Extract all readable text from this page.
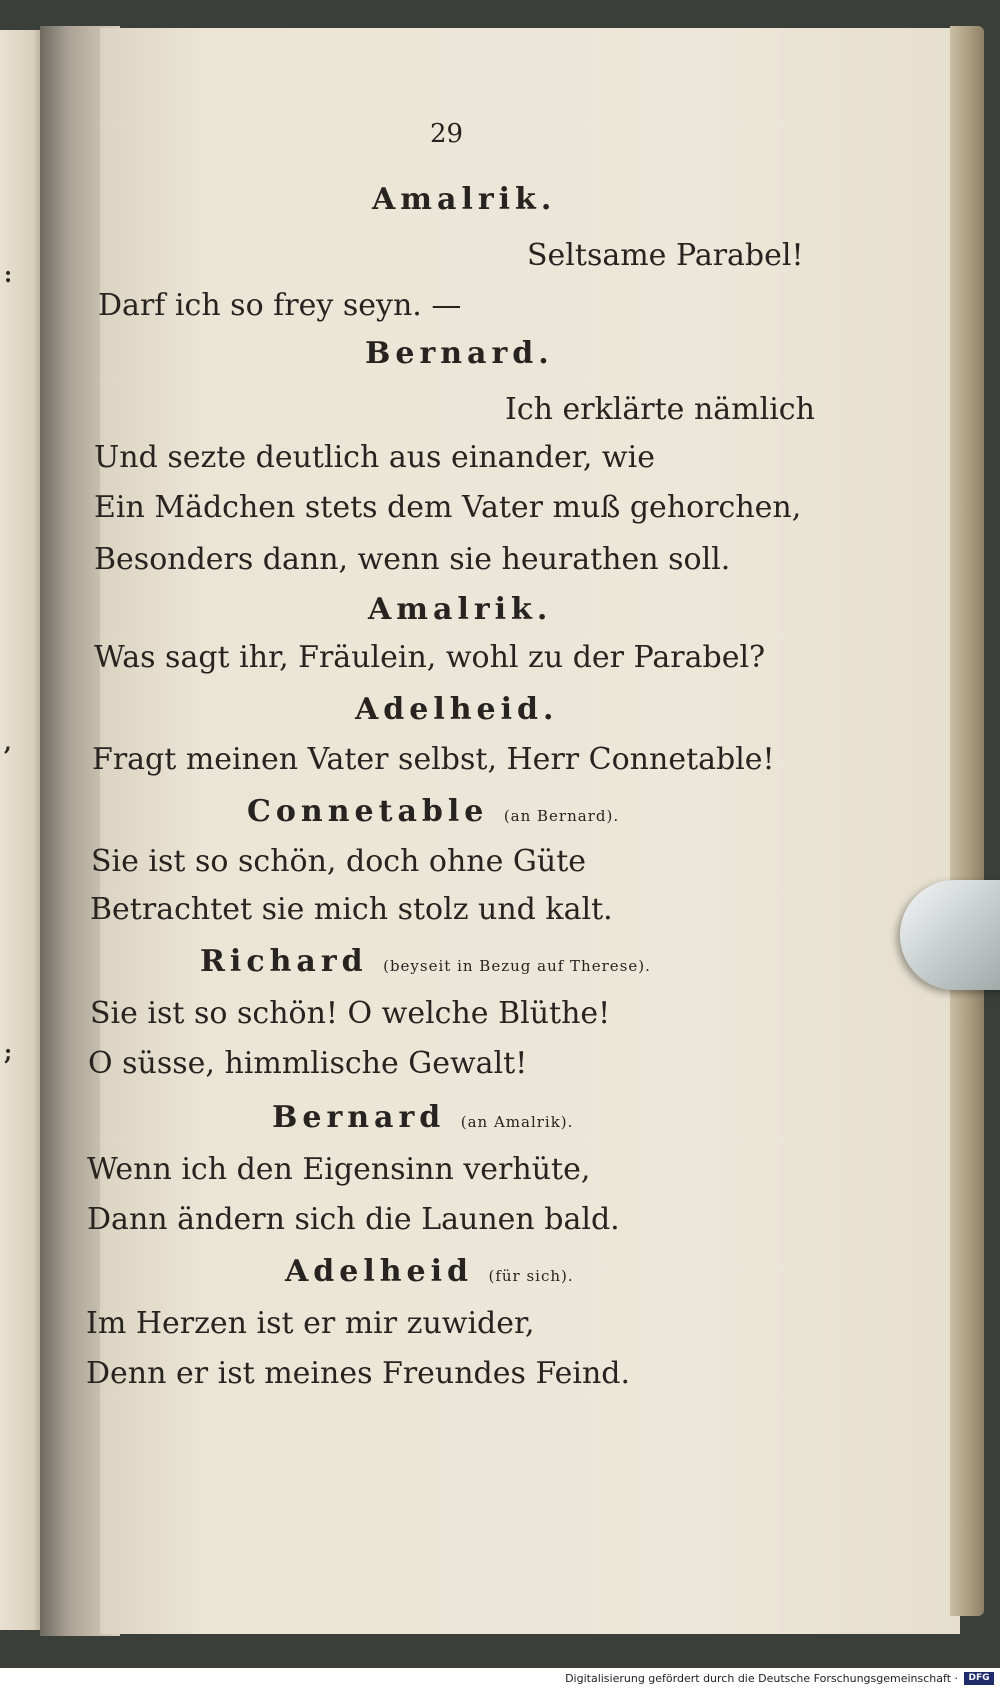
:
,
;
29
Amalrik.
Seltsame Parabel!
Darf ich so frey seyn. —
Bernard.
Ich erklärte nämlich
Und sezte deutlich aus einander, wie
Ein Mädchen stets dem Vater muß gehorchen,
Besonders dann, wenn sie heurathen soll.
Amalrik.
Was sagt ihr, Fräulein, wohl zu der Parabel?
Adelheid.
Fragt meinen Vater selbst, Herr Connetable!
Connetable (an Bernard).
Sie ist so schön, doch ohne Güte
Betrachtet sie mich stolz und kalt.
Richard (beyseit in Bezug auf Therese).
Sie ist so schön! O welche Blüthe!
O süsse, himmlische Gewalt!
Bernard (an Amalrik).
Wenn ich den Eigensinn verhüte,
Dann ändern sich die Launen bald.
Adelheid (für sich).
Im Herzen ist er mir zuwider,
Denn er ist meines Freundes Feind.
Digitalisierung gefördert durch die Deutsche Forschungsgemeinschaft ·	DFG
